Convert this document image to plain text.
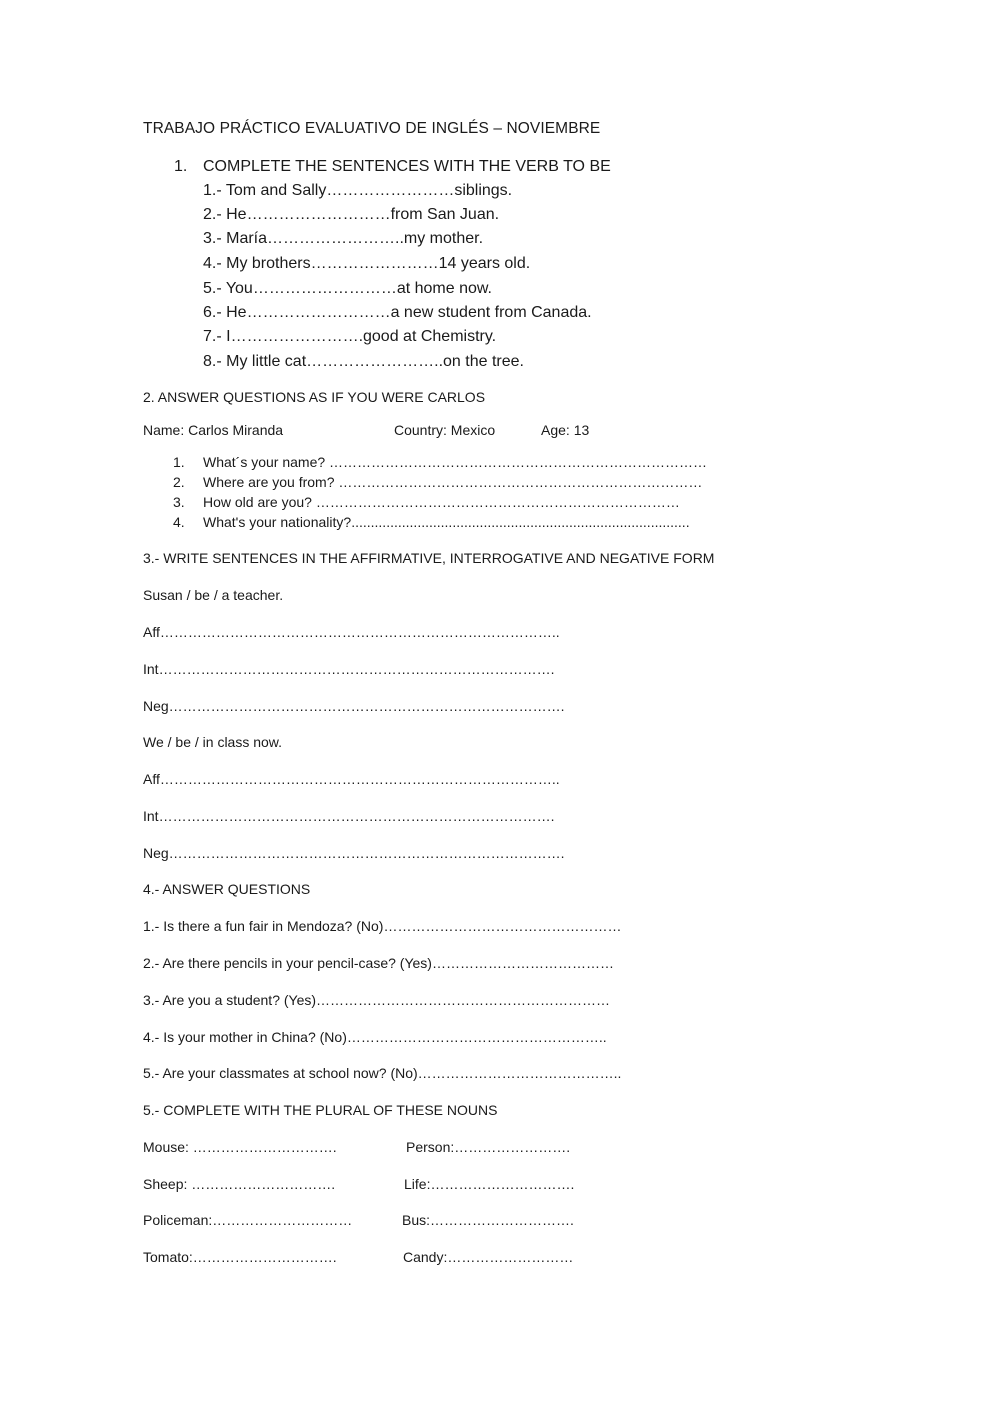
TRABAJO PRÁCTICO EVALUATIVO DE INGLÉS – NOVIEMBRE

1. COMPLETE THE SENTENCES WITH THE VERB TO BE

1.- Tom and Sally……………………siblings.

2.- He………………………from San Juan.

3.- María……………………..my mother.

4.- My brothers……………………14 years old.

5.- You………………………at home now.

6.- He………………………a new student from Canada.

7.- I…………………….good at Chemistry.

8.- My little cat……………………..on the tree.

2. ANSWER QUESTIONS AS IF YOU WERE CARLOS

Name: Carlos Miranda	Country: Mexico	Age: 13

1. What´s your name? ………………………………………………………………………

2. Where are you from? ……………………………………………………………………

3. How old are you? ……………………………………………………………………

4. What's your nationality?.......................................................................................

3.- WRITE SENTENCES IN THE AFFIRMATIVE, INTERROGATIVE AND NEGATIVE FORM

Susan / be / a teacher.

Aff…………………………………………………………………………..

Int………………………………………………………………………….

Neg………………………………………………………………………….

We / be / in class now.

Aff…………………………………………………………………………..

Int………………………………………………………………………….

Neg………………………………………………………………………….

4.- ANSWER QUESTIONS

1.- Is there a fun fair in Mendoza? (No)……………………………………………

2.- Are there pencils in your pencil-case? (Yes)…………………………………

3.- Are you a student? (Yes)………………………………………………………

4.- Is your mother in China? (No)………………………………………………..

5.- Are your classmates at school now? (No)……………………………………..

5.- COMPLETE WITH THE PLURAL OF THESE NOUNS

Mouse: ………………………….	Person:…………………….

Sheep: ………………………….	Life:………………………….

Policeman:…………………………	Bus:………………………….

Tomato:………………………….	Candy:………………………
